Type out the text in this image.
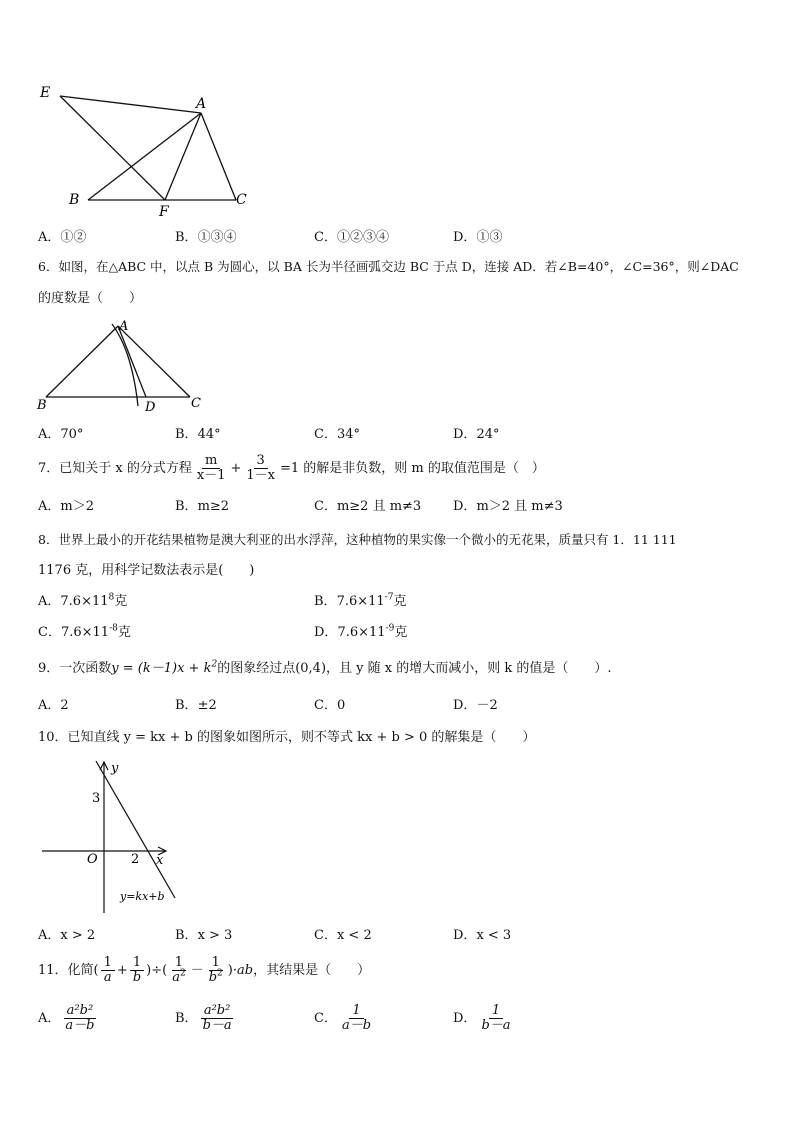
E
A
B
F
C
A．①②	B．①③④	C．①②③④	D．①③
6．如图，在△ABC 中，以点 B 为圆心，以 BA 长为半径画弧交边 BC 于点 D，连接 AD．若∠B=40°，∠C=36°，则∠DAC
的度数是（　　）
A
B	D	C
A．70°	B．44°	C．34°	D．24°
7．已知关于 x 的分式方程 $\frac{m}{x-1} + \frac{3}{1-x} =1$ 的解是非负数，则 m 的取值范围是（　）
A．m＞2	B．m≥2	C．m≥2 且 m≠3 D．m＞2 且 m≠3
8．世界上最小的开花结果植物是澳大利亚的出水浮萍，这种植物的果实像一个微小的无花果，质量只有 1．11 111
1176 克，用科学记数法表示是(　　)
A．$7.6\times 11^8$克	B．$7.6\times 11^{-7}$克
C．$7.6\times 11^{-8}$克	D．$7.6\times 11^{-9}$克
9．一次函数$y = (k-1)x + k^2$的图象经过点(0,4)，且 y 随 x 的增大而减小，则 k 的值是（　　）.
A．2	B．±2	C．0	D．－2
10．已知直线 y = kx + b 的图象如图所示，则不等式 kx + b > 0 的解集是（　　）
y
3
O	2 x
y=kx+b
A．x > 2	B．x > 3	C．x < 2	D．x < 3
11．化简( $\frac{1}{a} + \frac{1}{b}$ )÷( $\frac{1}{a^2} - \frac{1}{b^2} )\cdot ab$，其结果是（　　）
A． $\frac{\text{a²b²}}{a-b}$	B． $\frac{\text{a²b²}}{b-a}$	C． $\frac{1}{a-b}$	D． $\frac{1}{b-a}$
